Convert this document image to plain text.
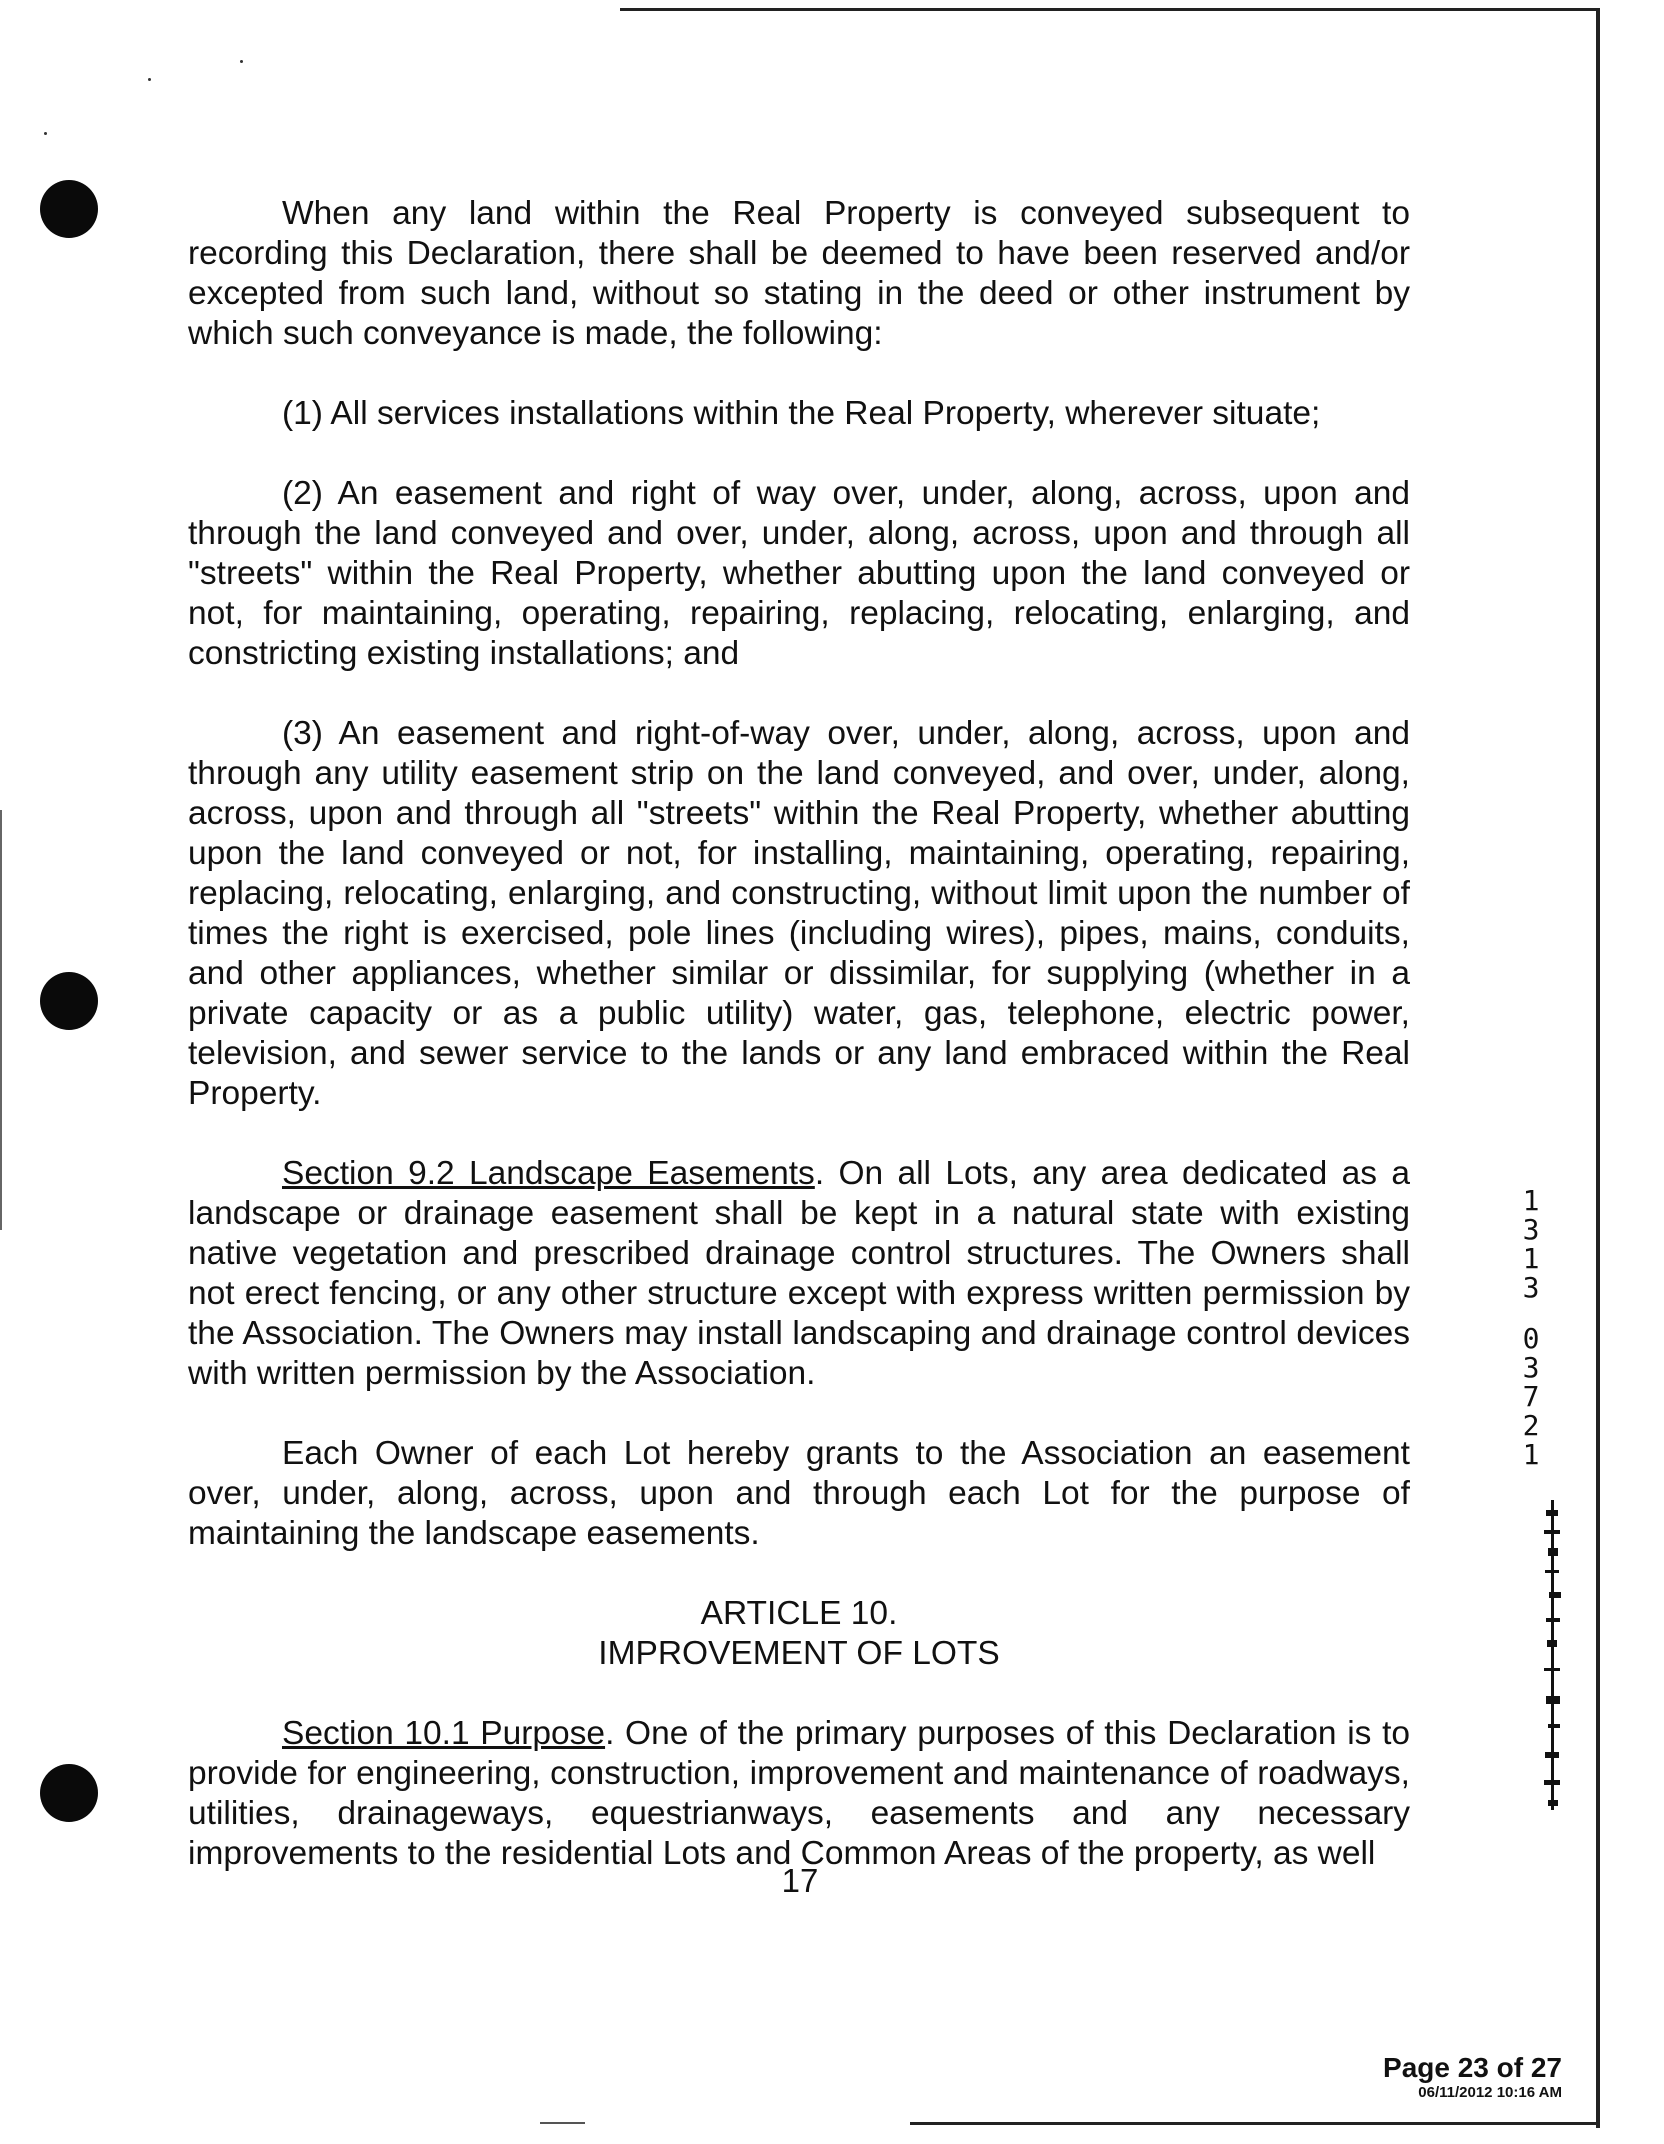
When any land within the Real Property is conveyed subsequent to recording this Declaration, there shall be deemed to have been reserved and/or excepted from such land, without so stating in the deed or other instrument by which such conveyance is made, the following:

(1) All services installations within the Real Property, wherever situate;

(2) An easement and right of way over, under, along, across, upon and through the land conveyed and over, under, along, across, upon and through all "streets" within the Real Property, whether abutting upon the land conveyed or not, for maintaining, operating, repairing, replacing, relocating, enlarging, and constricting existing installations; and

(3) An easement and right-of-way over, under, along, across, upon and through any utility easement strip on the land conveyed, and over, under, along, across, upon and through all "streets" within the Real Property, whether abutting upon the land conveyed or not, for installing, maintaining, operating, repairing, replacing, relocating, enlarging, and constructing, without limit upon the number of times the right is exercised, pole lines (including wires), pipes, mains, conduits, and other appliances, whether similar or dissimilar, for supplying (whether in a private capacity or as a public utility) water, gas, telephone, electric power, television, and sewer service to the lands or any land embraced within the Real Property.

Section 9.2 Landscape Easements. On all Lots, any area dedicated as a landscape or drainage easement shall be kept in a natural state with existing native vegetation and prescribed drainage control structures. The Owners shall not erect fencing, or any other structure except with express written permission by the Association. The Owners may install landscaping and drainage control devices with written permission by the Association.

Each Owner of each Lot hereby grants to the Association an easement over, under, along, across, upon and through each Lot for the purpose of maintaining the landscape easements.

ARTICLE 10.

IMPROVEMENT OF LOTS

Section 10.1 Purpose. One of the primary purposes of this Declaration is to provide for engineering, construction, improvement and maintenance of roadways, utilities, drainageways, equestrianways, easements and any necessary improvements to the residential Lots and Common Areas of the property, as well

17
1
3
1
3
0
3
7
2
1
Page 23 of 27
06/11/2012 10:16 AM
